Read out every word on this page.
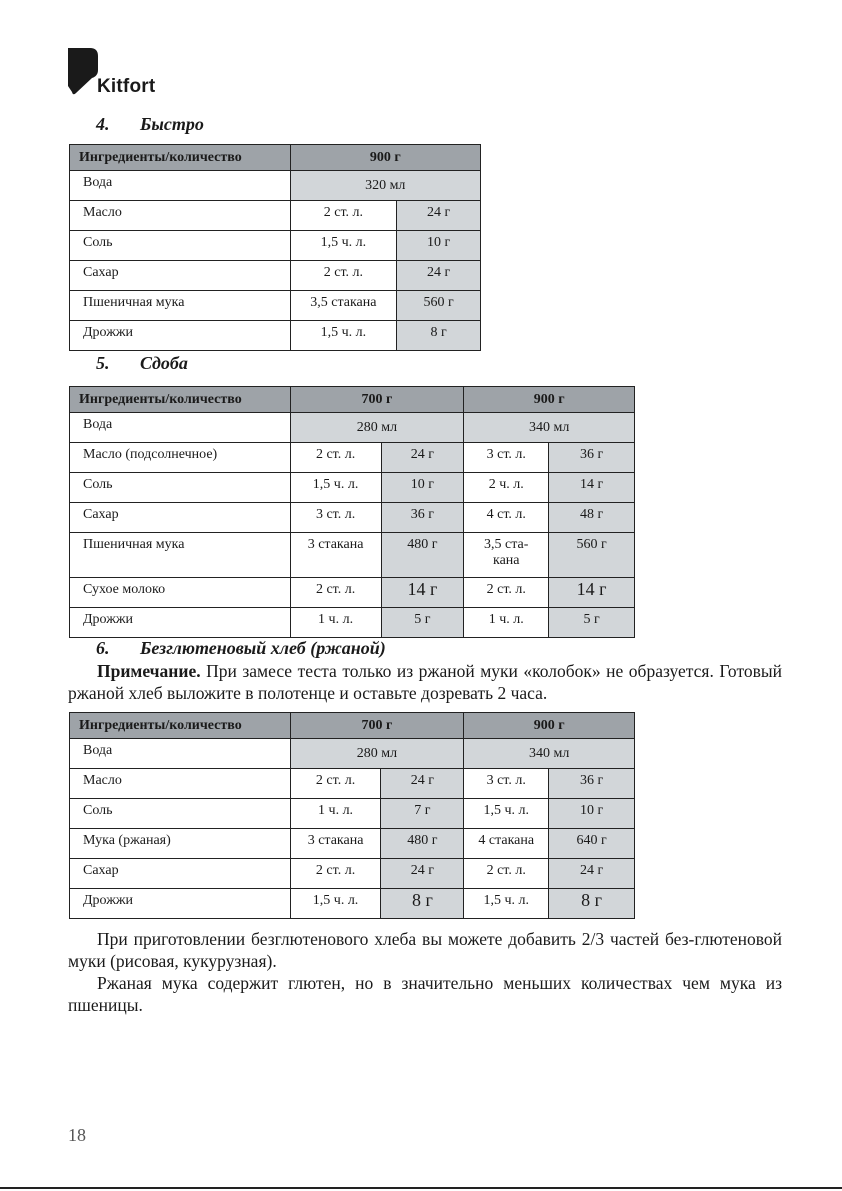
Kitfort
4. Быстро
Ингредиенты/количество	900 г	
Вода	320 мл	
Масло	2 ст. л.	24 г
Соль	1,5 ч. л.	10 г
Сахар	2 ст. л.	24 г
Пшеничная мука	3,5 стакана	560 г
Дрожжи	1,5 ч. л.	8 г
5. Сдоба
Ингредиенты/количество	700 г		900 г	
Вода	280 мл		340 мл	
Масло (подсолнечное)	2 ст. л.	24 г	3 ст. л.	36 г
Соль	1,5 ч. л.	10 г	2 ч. л.	14 г
Сахар	3 ст. л.	36 г	4 ст. л.	48 г
Пшеничная мука	3 стакана	480 г	3,5 ста-кана	560 г
Сухое молоко	2 ст. л.	14 г	2 ст. л.	14 г
Дрожжи	1 ч. л.	5 г	1 ч. л.	5 г
6. Безглютеновый хлеб (ржаной)
Примечание. При замесе теста только из ржаной муки «колобок» не образуется. Готовый ржаной хлеб выложите в полотенце и оставьте дозревать 2 часа.
Ингредиенты/количество	700 г		900 г	
Вода	280 мл		340 мл	
Масло	2 ст. л.	24 г	3 ст. л.	36 г
Соль	1 ч. л.	7 г	1,5 ч. л.	10 г
Мука (ржаная)	3 стакана	480 г	4 стакана	640 г
Сахар	2 ст. л.	24 г	2 ст. л.	24 г
Дрожжи	1,5 ч. л.	8 г	1,5 ч. л.	8 г
При приготовлении безглютенового хлеба вы можете добавить 2/3 частей без-глютеновой муки (рисовая, кукурузная).
Ржаная мука содержит глютен, но в значительно меньших количествах чем мука из пшеницы.
18
